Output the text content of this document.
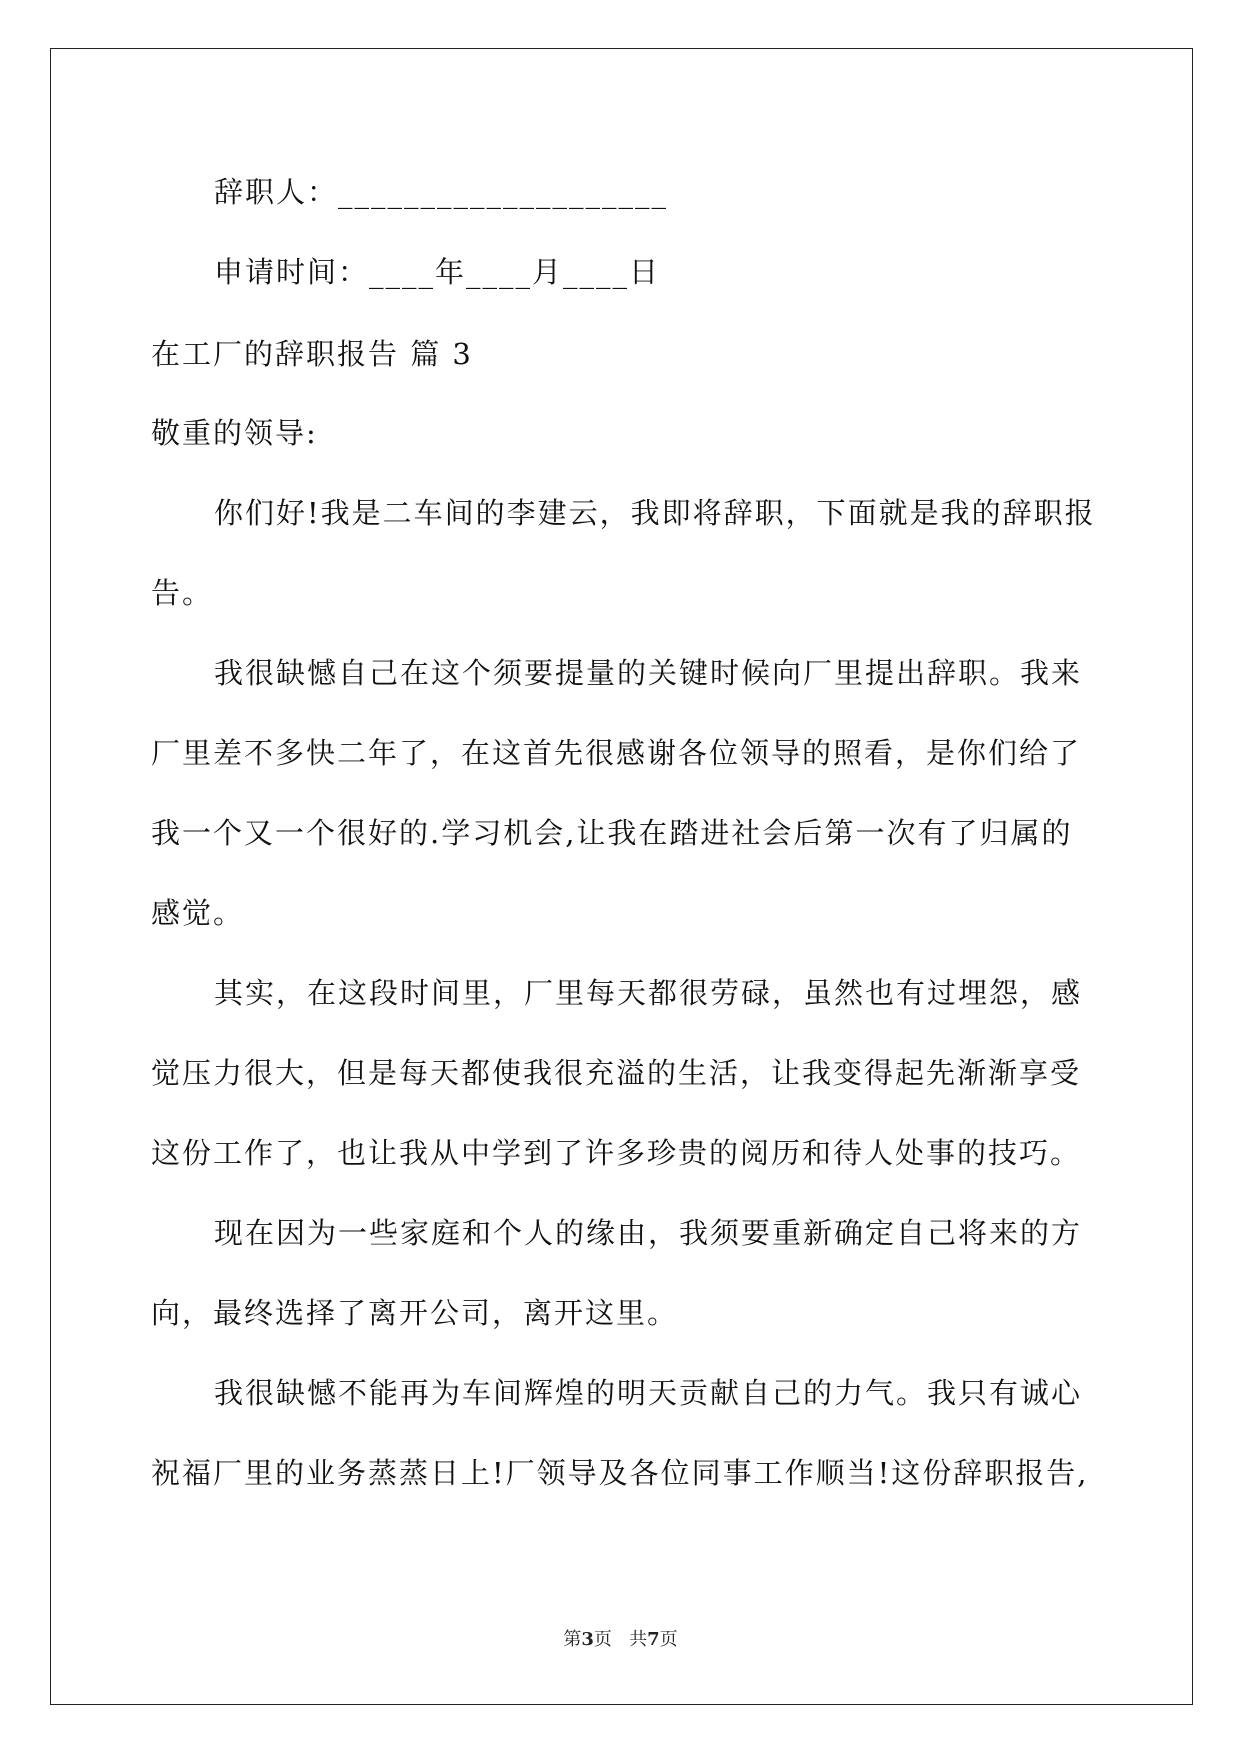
辞职人：____________________
申请时间：____年____月____日
在工厂的辞职报告 篇 3
敬重的领导:
你们好!我是二车间的李建云，我即将辞职，下面就是我的辞职报
告。
我很缺憾自己在这个须要提量的关键时候向厂里提出辞职。我来
厂里差不多快二年了，在这首先很感谢各位领导的照看，是你们给了
我一个又一个很好的.学习机会,让我在踏进社会后第一次有了归属的
感觉。
其实，在这段时间里，厂里每天都很劳碌，虽然也有过埋怨，感
觉压力很大，但是每天都使我很充溢的生活，让我变得起先渐渐享受
这份工作了，也让我从中学到了许多珍贵的阅历和待人处事的技巧。
现在因为一些家庭和个人的缘由，我须要重新确定自己将来的方
向，最终选择了离开公司，离开这里。
我很缺憾不能再为车间辉煌的明天贡献自己的力气。我只有诚心
祝福厂里的业务蒸蒸日上!厂领导及各位同事工作顺当!这份辞职报告,
第3页 共7页
